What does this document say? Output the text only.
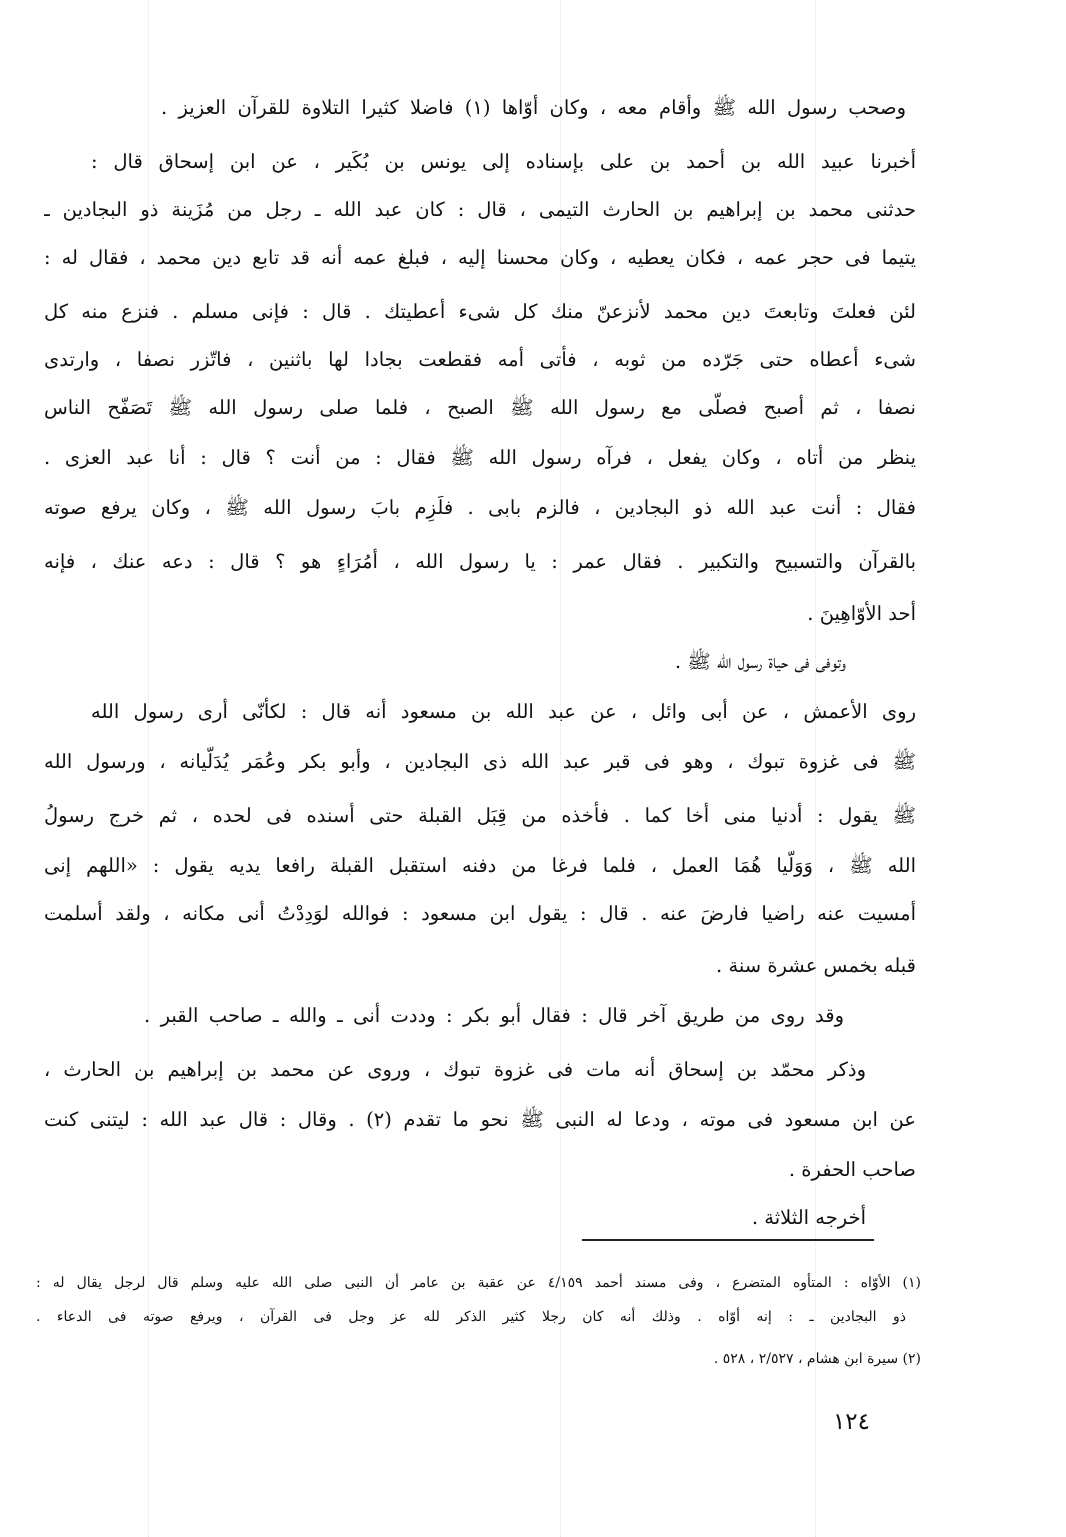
وصحب رسول الله ﷺ وأقام معه ، وكان أوّاها (١) فاضلا كثيرا التلاوة للقرآن العزيز .
أخبرنا عبيد الله بن أحمد بن على بإسناده إلى يونس بن بُكَير ، عن ابن إسحاق قال :
حدثنى محمد بن إبراهيم بن الحارث التيمى ، قال : كان عبد الله ـ رجل من مُزَينة ذو البجادين ـ
يتيما فى حجر عمه ، فكان يعطيه ، وكان محسنا إليه ، فبلغ عمه أنه قد تابع دين محمد ، فقال له :
لئن فعلتَ وتابعتَ دين محمد لأنزعنّ منك كل شىء أعطيتك . قال : فإنى مسلم . فنزع منه كل
شىء أعطاه حتى جَرّده من ثوبه ، فأتى أمه فقطعت بجادا لها باثنين ، فاتّزر نصفا ، وارتدى
نصفا ، ثم أصبح فصلّى مع رسول الله ﷺ الصبح ، فلما صلى رسول الله ﷺ تَصَفّح الناس
ينظر من أتاه ، وكان يفعل ، فرآه رسول الله ﷺ فقال : من أنت ؟ قال : أنا عبد العزى .
فقال : أنت عبد الله ذو البجادين ، فالزم بابى . فلَزِم بابَ رسول الله ﷺ ، وكان يرفع صوته
بالقرآن والتسبيح والتكبير . فقال عمر : يا رسول الله ، أمُرَاءٍ هو ؟ قال : دعه عنك ، فإنه
أحد الأوّاهِينَ .
وتوفى فى حياة رسول الله ﷺ .
روى الأعمش ، عن أبى وائل ، عن عبد الله بن مسعود أنه قال : لكأنّى أرى رسول الله
ﷺ فى غزوة تبوك ، وهو فى قبر عبد الله ذى البجادين ، وأبو بكر وعُمَر يُدَلّيانه ، ورسول الله
ﷺ يقول : أدنيا منى أخا كما . فأخذه من قِبَل القبلة حتى أسنده فى لحده ، ثم خرج رسولُ
الله ﷺ ، وَوَلّيا هُمَا العمل ، فلما فرغا من دفنه استقبل القبلة رافعا يديه يقول : «اللهم إنى
أمسيت عنه راضيا فارضَ عنه . قال : يقول ابن مسعود : فوالله لوَدِدْتُ أنى مكانه ، ولقد أسلمت
قبله بخمس عشرة سنة .
وقد روى من طريق آخر قال : فقال أبو بكر : وددت أنى ـ والله ـ صاحب القبر .
وذكر محمّد بن إسحاق أنه مات فى غزوة تبوك ، وروى عن محمد بن إبراهيم بن الحارث ،
عن ابن مسعود فى موته ، ودعا له النبى ﷺ نحو ما تقدم (٢) . وقال : قال عبد الله : ليتنى كنت
صاحب الحفرة .
أخرجه الثلاثة .
(١) الأوّاه : المتأوه المتضرع ، وفى مسند أحمد ٤/١٥٩ عن عقبة بن عامر أن النبى صلى الله عليه وسلم قال لرجل يقال له :
ذو البجادين ـ : إنه أوّاه . وذلك أنه كان رجلا كثير الذكر لله عز وجل فى القرآن ، ويرفع صوته فى الدعاء .
(٢) سيرة ابن هشام ، ٢/٥٢٧ ، ٥٢٨ .
١٢٤
